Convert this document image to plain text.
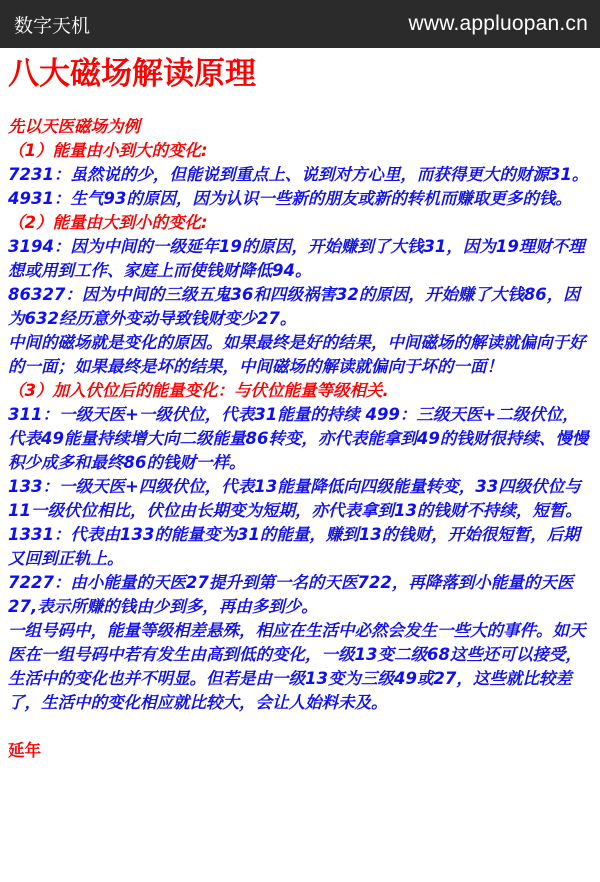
数字天机	www.appluopan.cn
八大磁场解读原理

先以天医磁场为例

（1）能量由小到大的变化:

7231：虽然说的少，但能说到重点上、说到对方心里，而获得更大的财源31。

4931：生气93的原因，因为认识一些新的朋友或新的转机而赚取更多的钱。

（2）能量由大到小的变化:

3194：因为中间的一级延年19的原因，开始赚到了大钱31，因为19理财不理想或用到工作、家庭上而使钱财降低94。

86327：因为中间的三级五鬼36和四级祸害32的原因，开始赚了大钱86，因为632经历意外变动导致钱财变少27。

中间的磁场就是变化的原因。如果最终是好的结果，中间磁场的解读就偏向于好的一面；如果最终是坏的结果，中间磁场的解读就偏向于坏的一面！

（3）加入伏位后的能量变化：与伏位能量等级相关.

311：一级天医+一级伏位，代表31能量的持续 499：三级天医+二级伏位，代表49能量持续增大向二级能量86转变，亦代表能拿到49的钱财很持续、慢慢积少成多和最终86的钱财一样。

133：一级天医+四级伏位，代表13能量降低向四级能量转变，33四级伏位与11一级伏位相比，伏位由长期变为短期，亦代表拿到13的钱财不持续，短暂。

1331：代表由133的能量变为31的能量，赚到13的钱财，开始很短暂，后期又回到正轨上。

7227：由小能量的天医27提升到第一名的天医722，再降落到小能量的天医27,表示所赚的钱由少到多，再由多到少。

一组号码中，能量等级相差悬殊，相应在生活中必然会发生一些大的事件。如天医在一组号码中若有发生由高到低的变化，一级13变二级68这些还可以接受，生活中的变化也并不明显。但若是由一级13变为三级49或27，这些就比较差了，生活中的变化相应就比较大，会让人始料未及。

延年
